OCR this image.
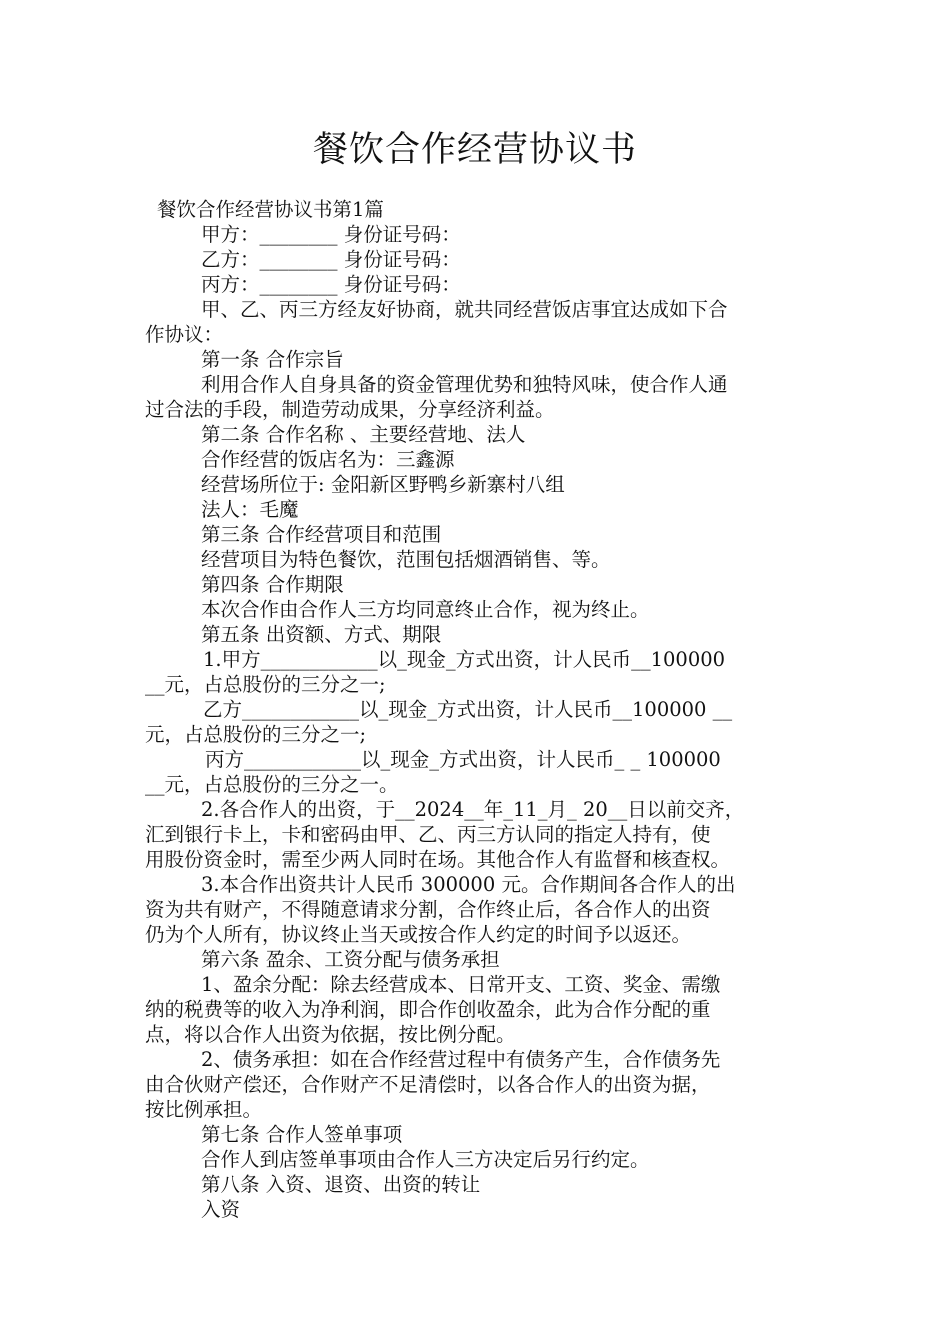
餐饮合作经营协议书
餐饮合作经营协议书第1篇
甲方：________ 身份证号码：
乙方：________ 身份证号码：
丙方：________ 身份证号码：
甲、乙、丙三方经友好协商，就共同经营饭店事宜达成如下合
作协议：
第一条 合作宗旨
利用合作人自身具备的资金管理优势和独特风味，使合作人通
过合法的手段，制造劳动成果，分享经济利益。
第二条 合作名称 、主要经营地、法人
合作经营的饭店名为：三鑫源
经营场所位于: 金阳新区野鸭乡新寨村八组
法人：毛魔
第三条 合作经营项目和范围
经营项目为特色餐饮，范围包括烟酒销售、等。
第四条 合作期限
本次合作由合作人三方均同意终止合作，视为终止。
第五条 出资额、方式、期限
1.甲方____________以_现金_方式出资，计人民币__100000
__元，占总股份的三分之一;
乙方____________以_现金_方式出资，计人民币__100000 __
元，占总股份的三分之一;
丙方____________以_现金_方式出资，计人民币_ _ 100000
__元，占总股份的三分之一。
2.各合作人的出资，于__2024__年_11_月_ 20__日以前交齐，
汇到银行卡上，卡和密码由甲、乙、丙三方认同的指定人持有，使
用股份资金时，需至少两人同时在场。其他合作人有监督和核查权。
3.本合作出资共计人民币 300000 元。合作期间各合作人的出
资为共有财产，不得随意请求分割，合作终止后，各合作人的出资
仍为个人所有，协议终止当天或按合作人约定的时间予以返还。
第六条 盈余、工资分配与债务承担
1、盈余分配：除去经营成本、日常开支、工资、奖金、需缴
纳的税费等的收入为净利润，即合作创收盈余，此为合作分配的重
点，将以合作人出资为依据，按比例分配。
2、债务承担：如在合作经营过程中有债务产生，合作债务先
由合伙财产偿还，合作财产不足清偿时，以各合作人的出资为据，
按比例承担。
第七条 合作人签单事项
合作人到店签单事项由合作人三方决定后另行约定。
第八条 入资、退资、出资的转让
入资
